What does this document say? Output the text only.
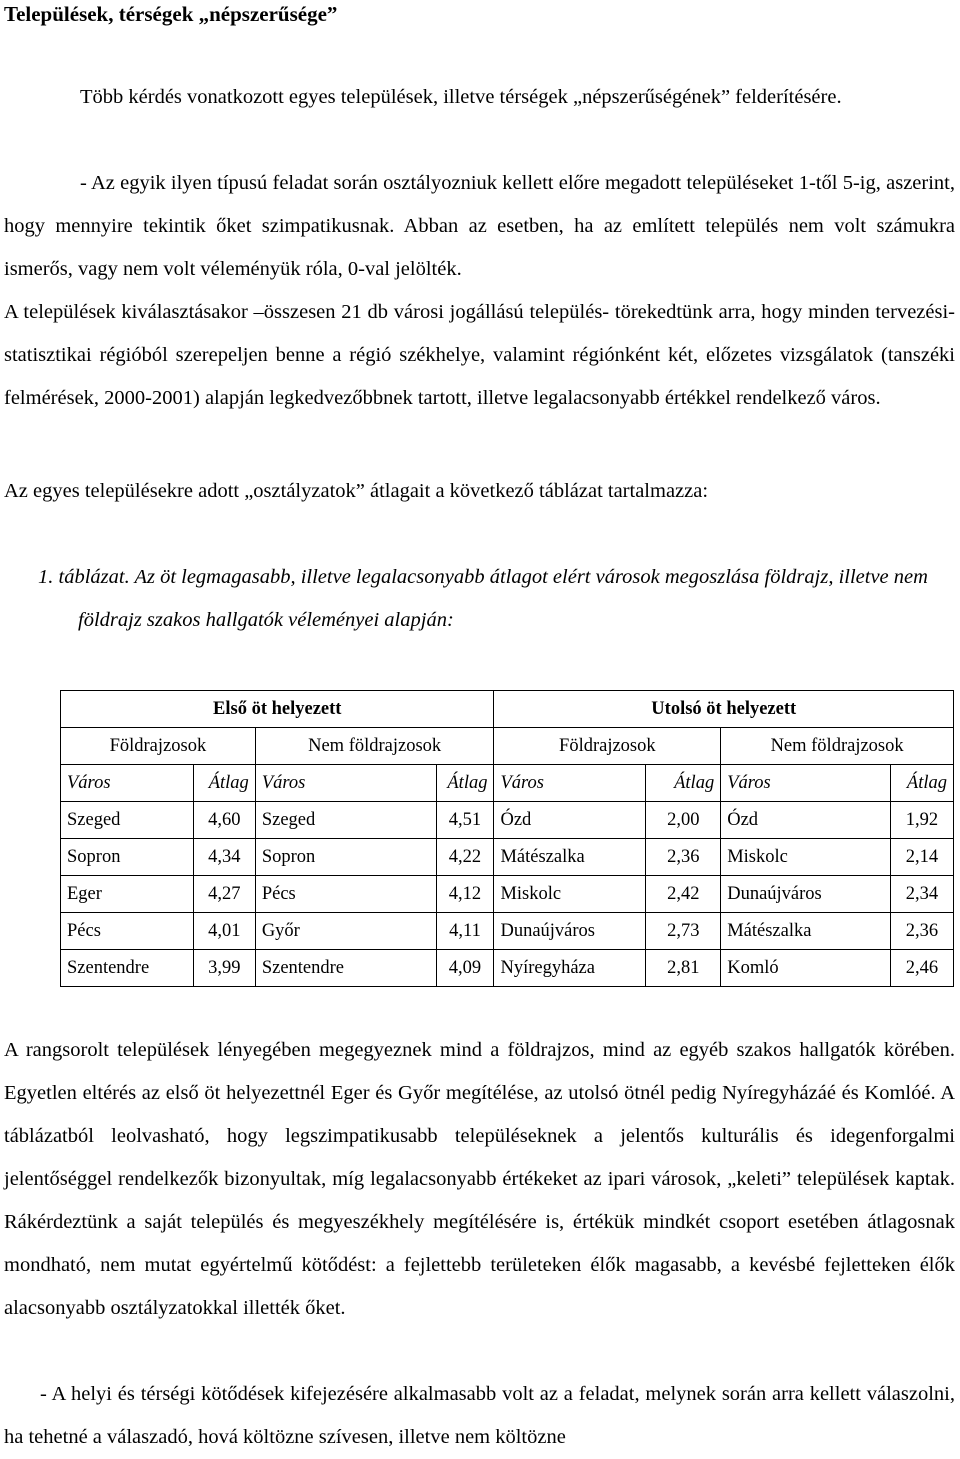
Települések, térségek „népszerűsége”

Több kérdés vonatkozott egyes települések, illetve térségek „népszerűségének” felderítésére.

- Az egyik ilyen típusú feladat során osztályozniuk kellett előre megadott településeket 1-től 5-ig, aszerint, hogy mennyire tekintik őket szimpatikusnak. Abban az esetben, ha az említett település nem volt számukra ismerős, vagy nem volt véleményük róla, 0-val jelölték.

A települések kiválasztásakor –összesen 21 db városi jogállású település- törekedtünk arra, hogy minden tervezési-statisztikai régióból szerepeljen benne a régió székhelye, valamint régiónként két, előzetes vizsgálatok (tanszéki felmérések, 2000-2001) alapján legkedvezőbbnek tartott, illetve legalacsonyabb értékkel rendelkező város.

Az egyes településekre adott „osztályzatok” átlagait a következő táblázat tartalmazza:

1. táblázat. Az öt legmagasabb, illetve legalacsonyabb átlagot elért városok megoszlása földrajz, illetve nem földrajz szakos hallgatók véleményei alapján:

Első öt helyezett				Utolsó öt helyezett			
Földrajzosok		Nem földrajzosok		Földrajzosok		Nem földrajzosok	
Város	Átlag	Város	Átlag	Város	Átlag	Város	Átlag
Szeged	4,60	Szeged	4,51	Ózd	2,00	Ózd	1,92
Sopron	4,34	Sopron	4,22	Mátészalka	2,36	Miskolc	2,14
Eger	4,27	Pécs	4,12	Miskolc	2,42	Dunaújváros	2,34
Pécs	4,01	Győr	4,11	Dunaújváros	2,73	Mátészalka	2,36
Szentendre	3,99	Szentendre	4,09	Nyíregyháza	2,81	Komló	2,46

A rangsorolt települések lényegében megegyeznek mind a földrajzos, mind az egyéb szakos hallgatók körében. Egyetlen eltérés az első öt helyezettnél Eger és Győr megítélése, az utolsó ötnél pedig Nyíregyházáé és Komlóé. A táblázatból leolvasható, hogy legszimpatikusabb településeknek a jelentős kulturális és idegenforgalmi jelentőséggel rendelkezők bizonyultak, míg legalacsonyabb értékeket az ipari városok, „keleti” települések kaptak. Rákérdeztünk a saját település és megyeszékhely megítélésére is, értékük mindkét csoport esetében átlagosnak mondható, nem mutat egyértelmű kötődést: a fejlettebb területeken élők magasabb, a kevésbé fejletteken élők alacsonyabb osztályzatokkal illették őket.

- A helyi és térségi kötődések kifejezésére alkalmasabb volt az a feladat, melynek során arra kellett válaszolni, ha tehetné a válaszadó, hová költözne szívesen, illetve nem költözne
